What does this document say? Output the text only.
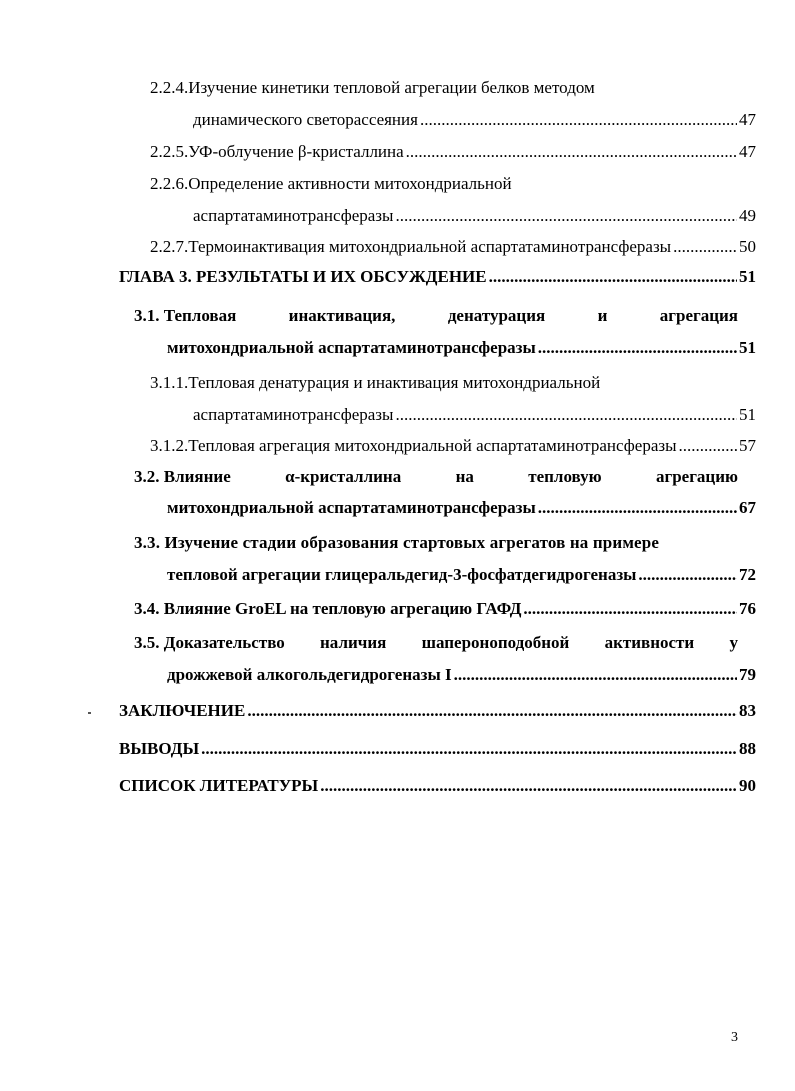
2.2.4. Изучение кинетики тепловой агрегации белков методом
динамического светорассеяния .....	47
2.2.5. УФ-облучение β-кристаллина .....	47
2.2.6. Определение активности митохондриальной
аспартатаминотрансферазы .....	49
2.2.7. Термоинактивация митохондриальной аспартатаминотрансферазы .....	50
ГЛАВА 3. РЕЗУЛЬТАТЫ И ИХ ОБСУЖДЕНИЕ .....	51
3.1. Тепловая	инактивация,	денатурация	и	агрегация
митохондриальной аспартатаминотрансферазы .....	51
3.1.1. Тепловая денатурация и инактивация митохондриальной
аспартатаминотрансферазы .....	51
3.1.2. Тепловая агрегация митохондриальной аспартатаминотрансферазы .....	57
3.2. Влияние	α-кристаллина	на	тепловую	агрегацию
митохондриальной аспартатаминотрансферазы .....	67
3.3.
Изучение стадии образования стартовых агрегатов на примере
тепловой агрегации глицеральдегид-3-фосфатдегидрогеназы .....	72
3.4.
Влияние GroEL на тепловую агрегацию ГАФД .....	76
3.5. Доказательство наличия шапероноподобной активности у
дрожжевой алкогольдегидрогеназы I .....	79
ЗАКЛЮЧЕНИЕ .....	83
ВЫВОДЫ .....	88
СПИСОК ЛИТЕРАТУРЫ .....	90
3
